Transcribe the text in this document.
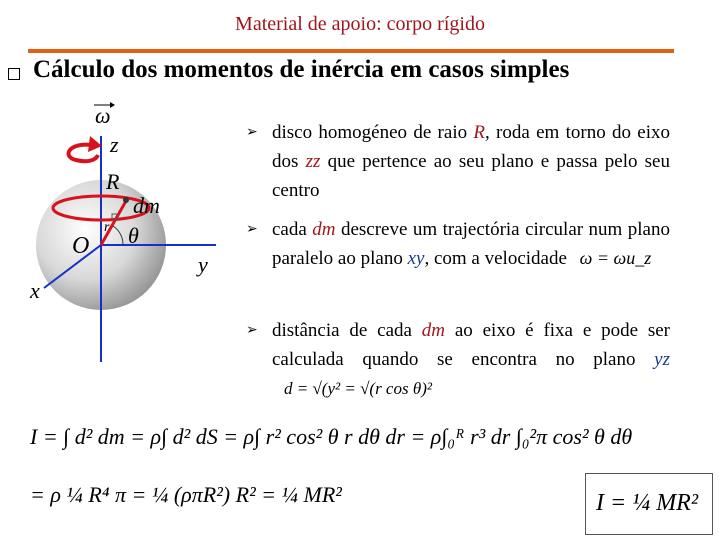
Material de apoio: corpo rígido
Cálculo dos momentos de inércia em casos simples
ω
z
R
dm
r θ
O
y
x
➢ disco homogéneo de raio R, roda em torno do eixo dos zz que pertence ao seu plano e passa pelo seu centro
➢ cada dm descreve um trajectória circular num plano paralelo ao plano xy, com a velocidade ω = ωu_z
➢ distância de cada dm ao eixo é fixa e pode ser calculada quando se encontra no plano yz d = √(y² = √(r cos θ)²
I = ∫ d² dm = ρ∫ d² dS = ρ∫ r² cos² θ r dθ dr = ρ∫₀ᴿ r³ dr ∫₀²π cos² θ dθ
= ρ ¼ R⁴ π = ¼ (ρπR²) R² = ¼ MR²	I = ¼ MR²
